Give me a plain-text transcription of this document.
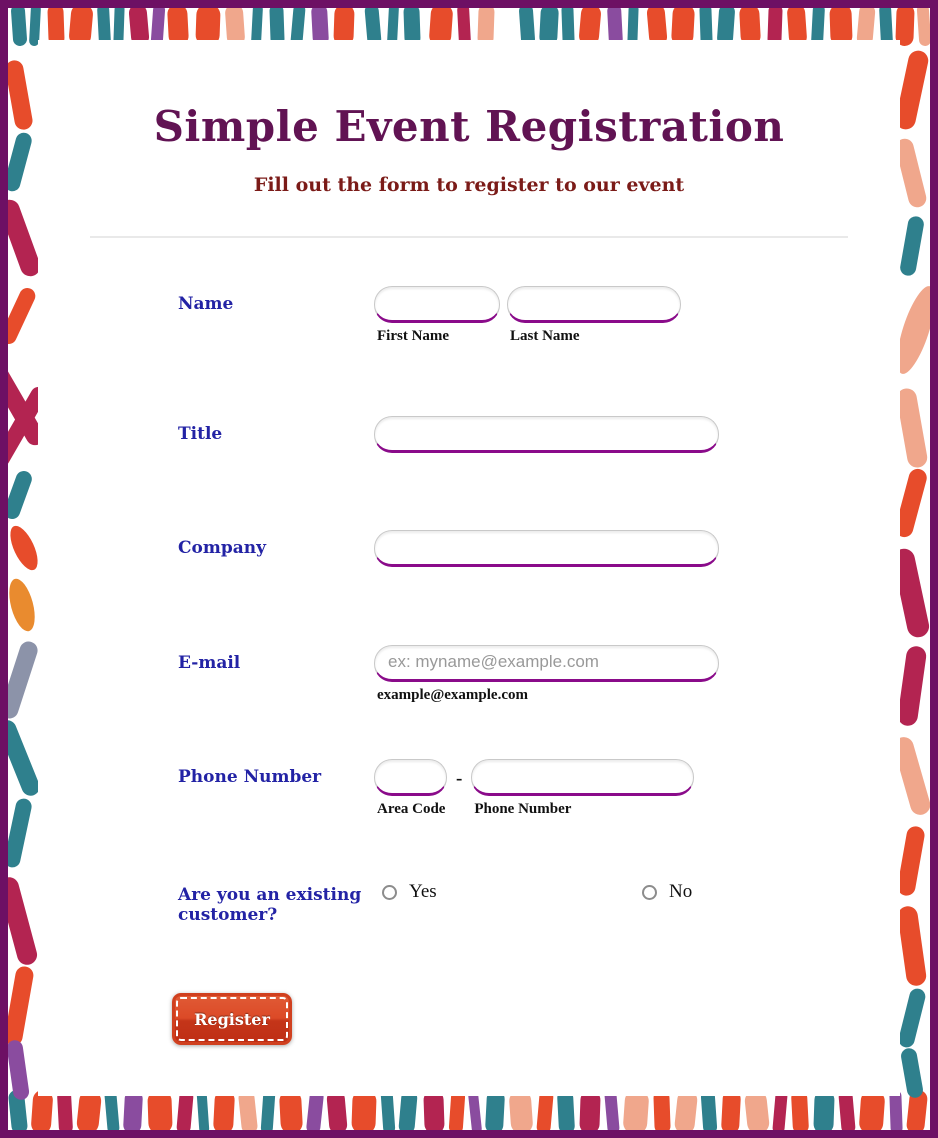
Simple Event Registration
Fill out the form to register to our event
Name
First Name	Last Name
Title
Company
E-mail
ex: myname@example.com
example@example.com
Phone Number
Area Code
-
Phone Number
Are you an existing customer?
Yes	No
Register
